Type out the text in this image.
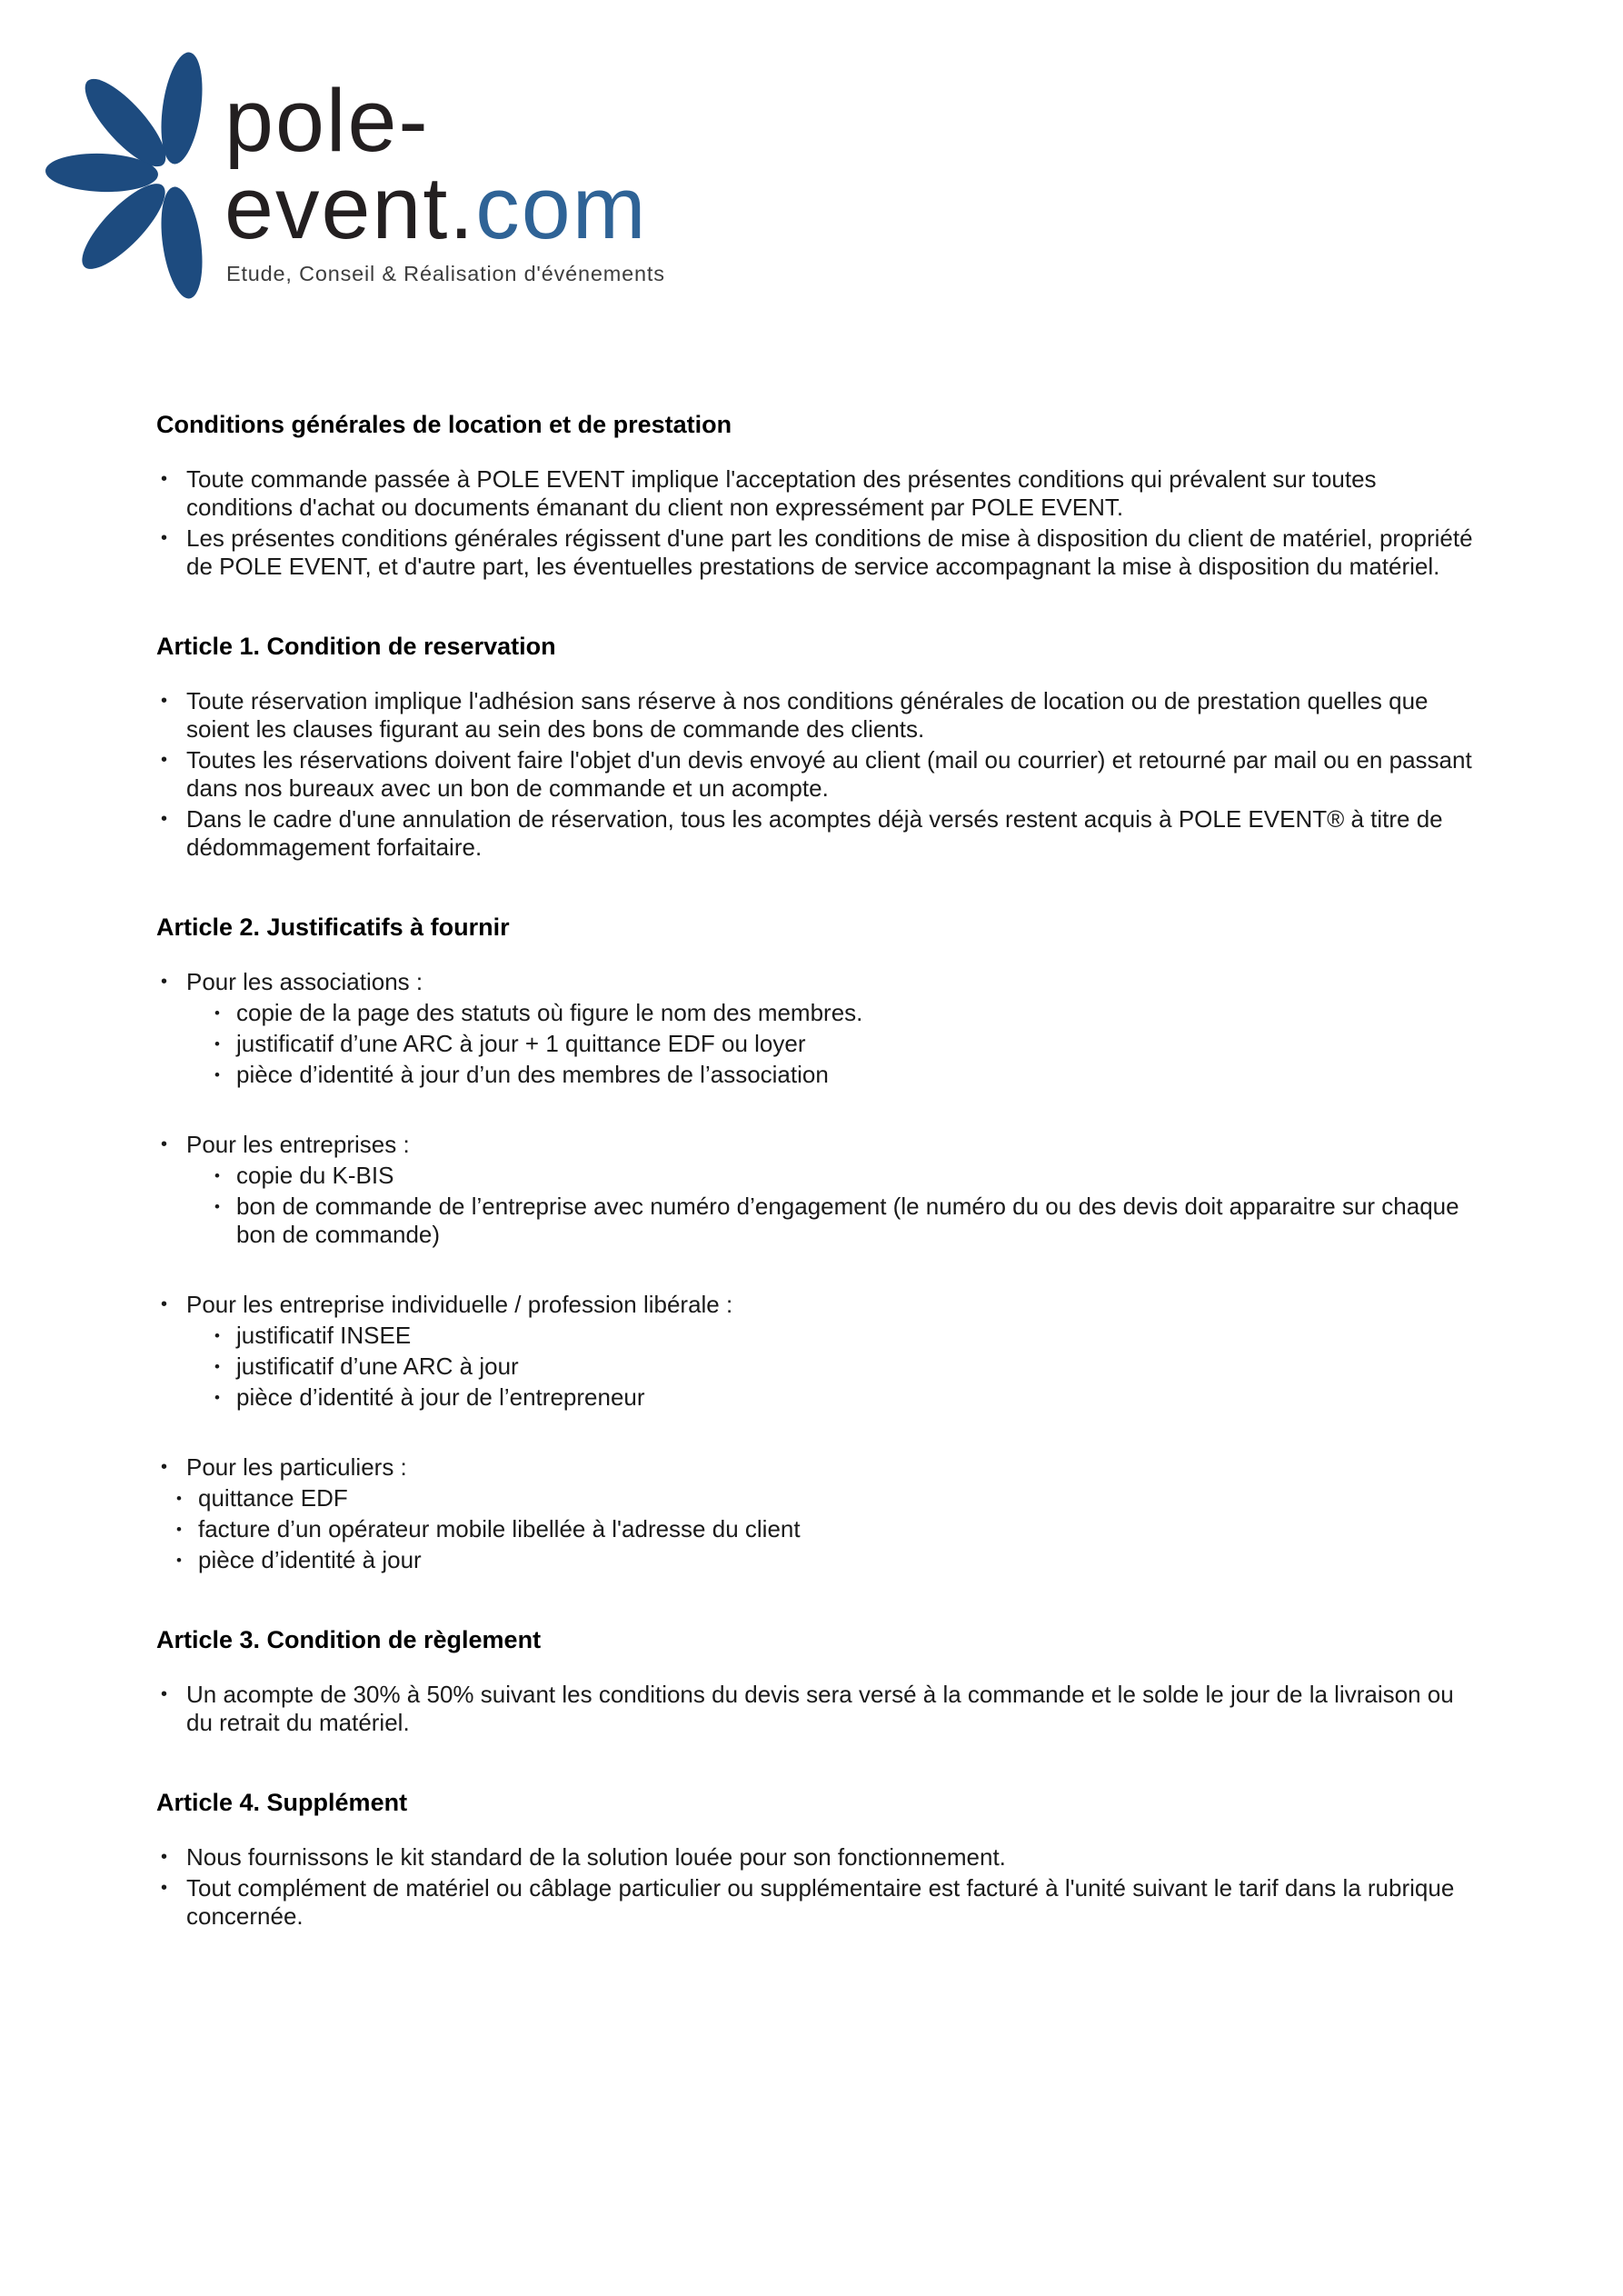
pole-
event.com
Etude, Conseil & Réalisation d'événements
Conditions générales de location et de prestation
• Toute commande passée à POLE EVENT implique l'acceptation des présentes conditions qui prévalent sur toutes conditions d'achat ou documents émanant du client non expressément par POLE EVENT.
• Les présentes conditions générales régissent d'une part les conditions de mise à disposition du client de matériel, propriété de POLE EVENT, et d'autre part, les éventuelles prestations de service accompagnant la mise à disposition du matériel.
Article 1. Condition de reservation
• Toute réservation implique l'adhésion sans réserve à nos conditions générales de location ou de prestation quelles que soient les clauses figurant au sein des bons de commande des clients.
• Toutes les réservations doivent faire l'objet d'un devis envoyé au client (mail ou courrier) et retourné par mail ou en passant dans nos bureaux avec un bon de commande et un acompte.
• Dans le cadre d'une annulation de réservation, tous les acomptes déjà versés restent acquis à POLE EVENT® à titre de dédommagement forfaitaire.
Article 2. Justificatifs à fournir
• Pour les associations :
• copie de la page des statuts où figure le nom des membres.
• justificatif d’une ARC à jour + 1 quittance EDF ou loyer
• pièce d’identité à jour d’un des membres de l’association
• Pour les entreprises :
• copie du K-BIS
• bon de commande de l’entreprise avec numéro d’engagement (le numéro du ou des devis doit apparaitre sur chaque bon de commande)
• Pour les entreprise individuelle / profession libérale :
• justificatif INSEE
• justificatif d’une ARC à jour
• pièce d’identité à jour de l’entrepreneur
• Pour les particuliers :
• quittance EDF
• facture d’un opérateur mobile libellée à l'adresse du client
• pièce d’identité à jour
Article 3. Condition de règlement
• Un acompte de 30% à 50% suivant les conditions du devis sera versé à la commande et le solde le jour de la livraison ou du retrait du matériel.
Article 4. Supplément
• Nous fournissons le kit standard de la solution louée pour son fonctionnement.
• Tout complément de matériel ou câblage particulier ou supplémentaire est facturé à l'unité suivant le tarif dans la rubrique concernée.
